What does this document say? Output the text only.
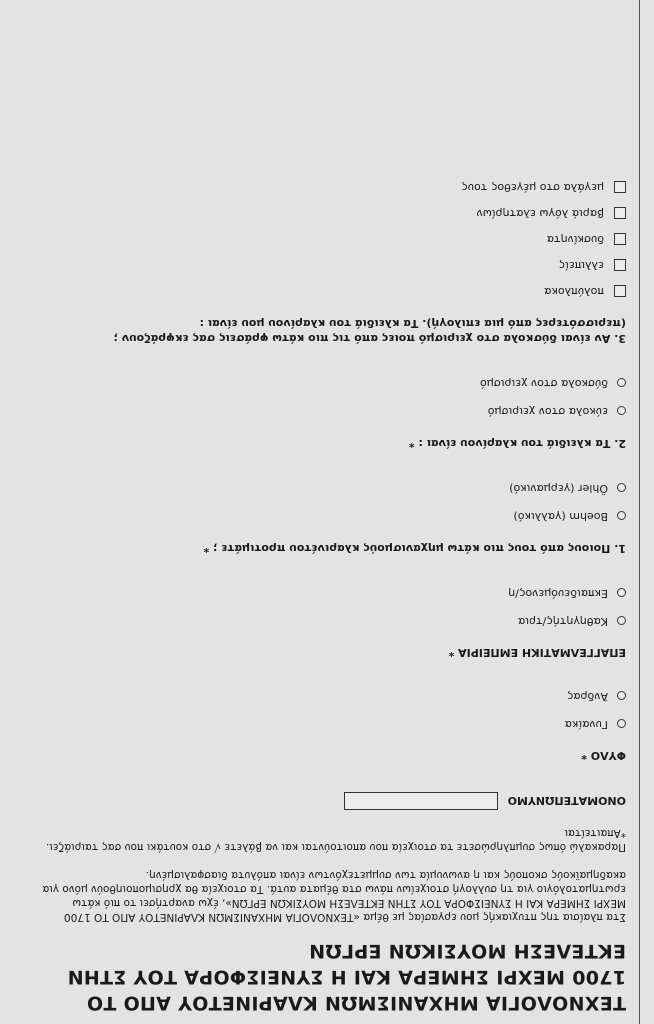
ΤΕΧΝΟΛΟΓΙΑ ΜΗΧΑΝΙΣΜΩΝ ΚΛΑΡΙΝΕΤΟΥ ΑΠΟ ΤΟ 1700 ΜΕΧΡΙ ΣΗΜΕΡΑ ΚΑΙ Η ΣΥΝΕΙΣΦΟΡΑ ΤΟΥ ΣΤΗΝ ΕΚΤΕΛΕΣΗ ΜΟΥΣΙΚΩΝ ΕΡΓΩΝ
Στα πλαίσια της πτυχιακής μου εργασίας με θέμα «ΤΕΧΝΟΛΟΓΙΑ ΜΗΧΑΝΙΣΜΩΝ ΚΛΑΡΙΝΕΤΟΥ ΑΠΟ ΤΟ 1700 ΜΕΧΡΙ ΣΗΜΕΡΑ ΚΑΙ Η ΣΥΝΕΙΣΦΟΡΑ ΤΟΥ ΣΤΗΝ ΕΚΤΕΛΕΣΗ ΜΟΥΣΙΚΩΝ ΕΡΓΩΝ», έχω αναρτήσει το πιό κάτω ερωτηματολόγιο για τη συλλογή στοιχείων πάνω στα θέματα αυτά. Τα στοιχεία θα χρησιμοποιηθούν μόνο για ακαδημαϊκούς σκοπούς και η ανωνυμία των συμμετεχόντων είναι απόλυτα διασφαλισμένη.
Παρακαλώ όπως συμπληρώσετε τα στοιχεία που αποιτούνται και να βάλετε √ στο κουτάκι που σας ταιριάζει.
*Απαιτείται
ΟΝΟΜΑΤΕΠΩΝΥΜΟ
ΦΥΛΟ *
Γυναίκα
Άνδρας
ΕΠΑΓΓΕΛΜΑΤΙΚΗ ΕΜΠΕΙΡΙΑ *
Καθηγητής/τρια
Εκπαιδευόμενος/η
1. Ποιους από τους πιο κάτω μηχανισμούς κλαρινέτου προτιμάτε ; *
Boehm (γαλλικό)
Öhler (γερμανικό)
2. Τα κλειδιά του κλαρίνου είναι : *
εύκολα στον χειρισμό
δύσκολα στον χειρισμό
3. Αν είναι δύσκολα στο χειρισμό ποιες από τις πιο κάτω φράσεις σας εκφράζουν ; (περισσότερες από μια επιλογή). Τα κλειδιά του κλαρίνου μου είναι :
πολύπλοκα
ελλιπείς
δυσκίνητα
βαριά λόγω ελατηρίων
μεγάλα στο μέγεθος τους
